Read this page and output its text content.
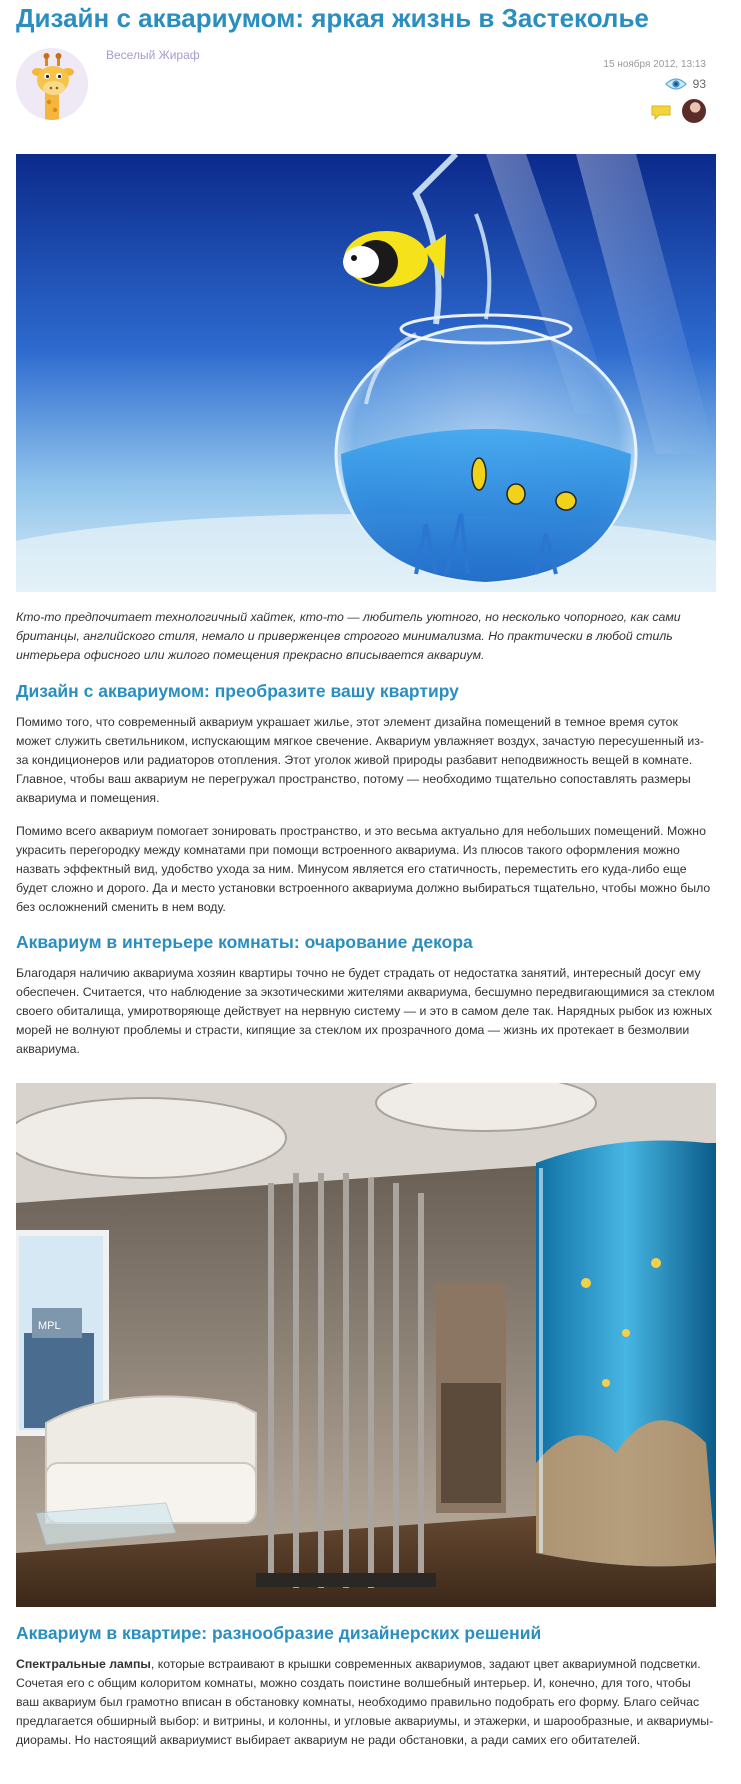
Дизайн с аквариумом: яркая жизнь в Застеколье
Веселый Жираф
15 ноября 2012, 13:13
93

Кто-то предпочитает технологичный хайтек, кто-то — любитель уютного, но несколько чопорного, как сами британцы, английского стиля, немало и приверженцев строгого минимализма. Но практически в любой стиль интерьера офисного или жилого помещения прекрасно вписывается аквариум.

Дизайн с аквариумом: преобразите вашу квартиру

Помимо того, что современный аквариум украшает жилье, этот элемент дизайна помещений в темное время суток может служить светильником, испускающим мягкое свечение. Аквариум увлажняет воздух, зачастую пересушенный из-за кондиционеров или радиаторов отопления. Этот уголок живой природы разбавит неподвижность вещей в комнате. Главное, чтобы ваш аквариум не перегружал пространство, потому — необходимо тщательно сопоставлять размеры аквариума и помещения.

Помимо всего аквариум помогает зонировать пространство, и это весьма актуально для небольших помещений. Можно украсить перегородку между комнатами при помощи встроенного аквариума. Из плюсов такого оформления можно назвать эффектный вид, удобство ухода за ним. Минусом является его статичность, переместить его куда-либо еще будет сложно и дорого. Да и место установки встроенного аквариума должно выбираться тщательно, чтобы можно было без осложнений сменить в нем воду.

Аквариум в интерьере комнаты: очарование декора

Благодаря наличию аквариума хозяин квартиры точно не будет страдать от недостатка занятий, интересный досуг ему обеспечен. Считается, что наблюдение за экзотическими жителями аквариума, бесшумно передвигающимися за стеклом своего обиталища, умиротворяюще действует на нервную систему — и это в самом деле так. Нарядных рыбок из южных морей не волнуют проблемы и страсти, кипящие за стеклом их прозрачного дома — жизнь их протекает в безмолвии аквариума.

MPL
Аквариум в квартире: разнообразие дизайнерских решений

Спектральные лампы, которые встраивают в крышки современных аквариумов, задают цвет аквариумной подсветки. Сочетая его с общим колоритом комнаты, можно создать поистине волшебный интерьер. И, конечно, для того, чтобы ваш аквариум был грамотно вписан в обстановку комнаты, необходимо правильно подобрать его форму. Благо сейчас предлагается обширный выбор: и витрины, и колонны, и угловые аквариумы, и этажерки, и шарообразные, и аквариумы-диорамы. Но настоящий аквариумист выбирает аквариум не ради обстановки, а ради самих его обитателей.
